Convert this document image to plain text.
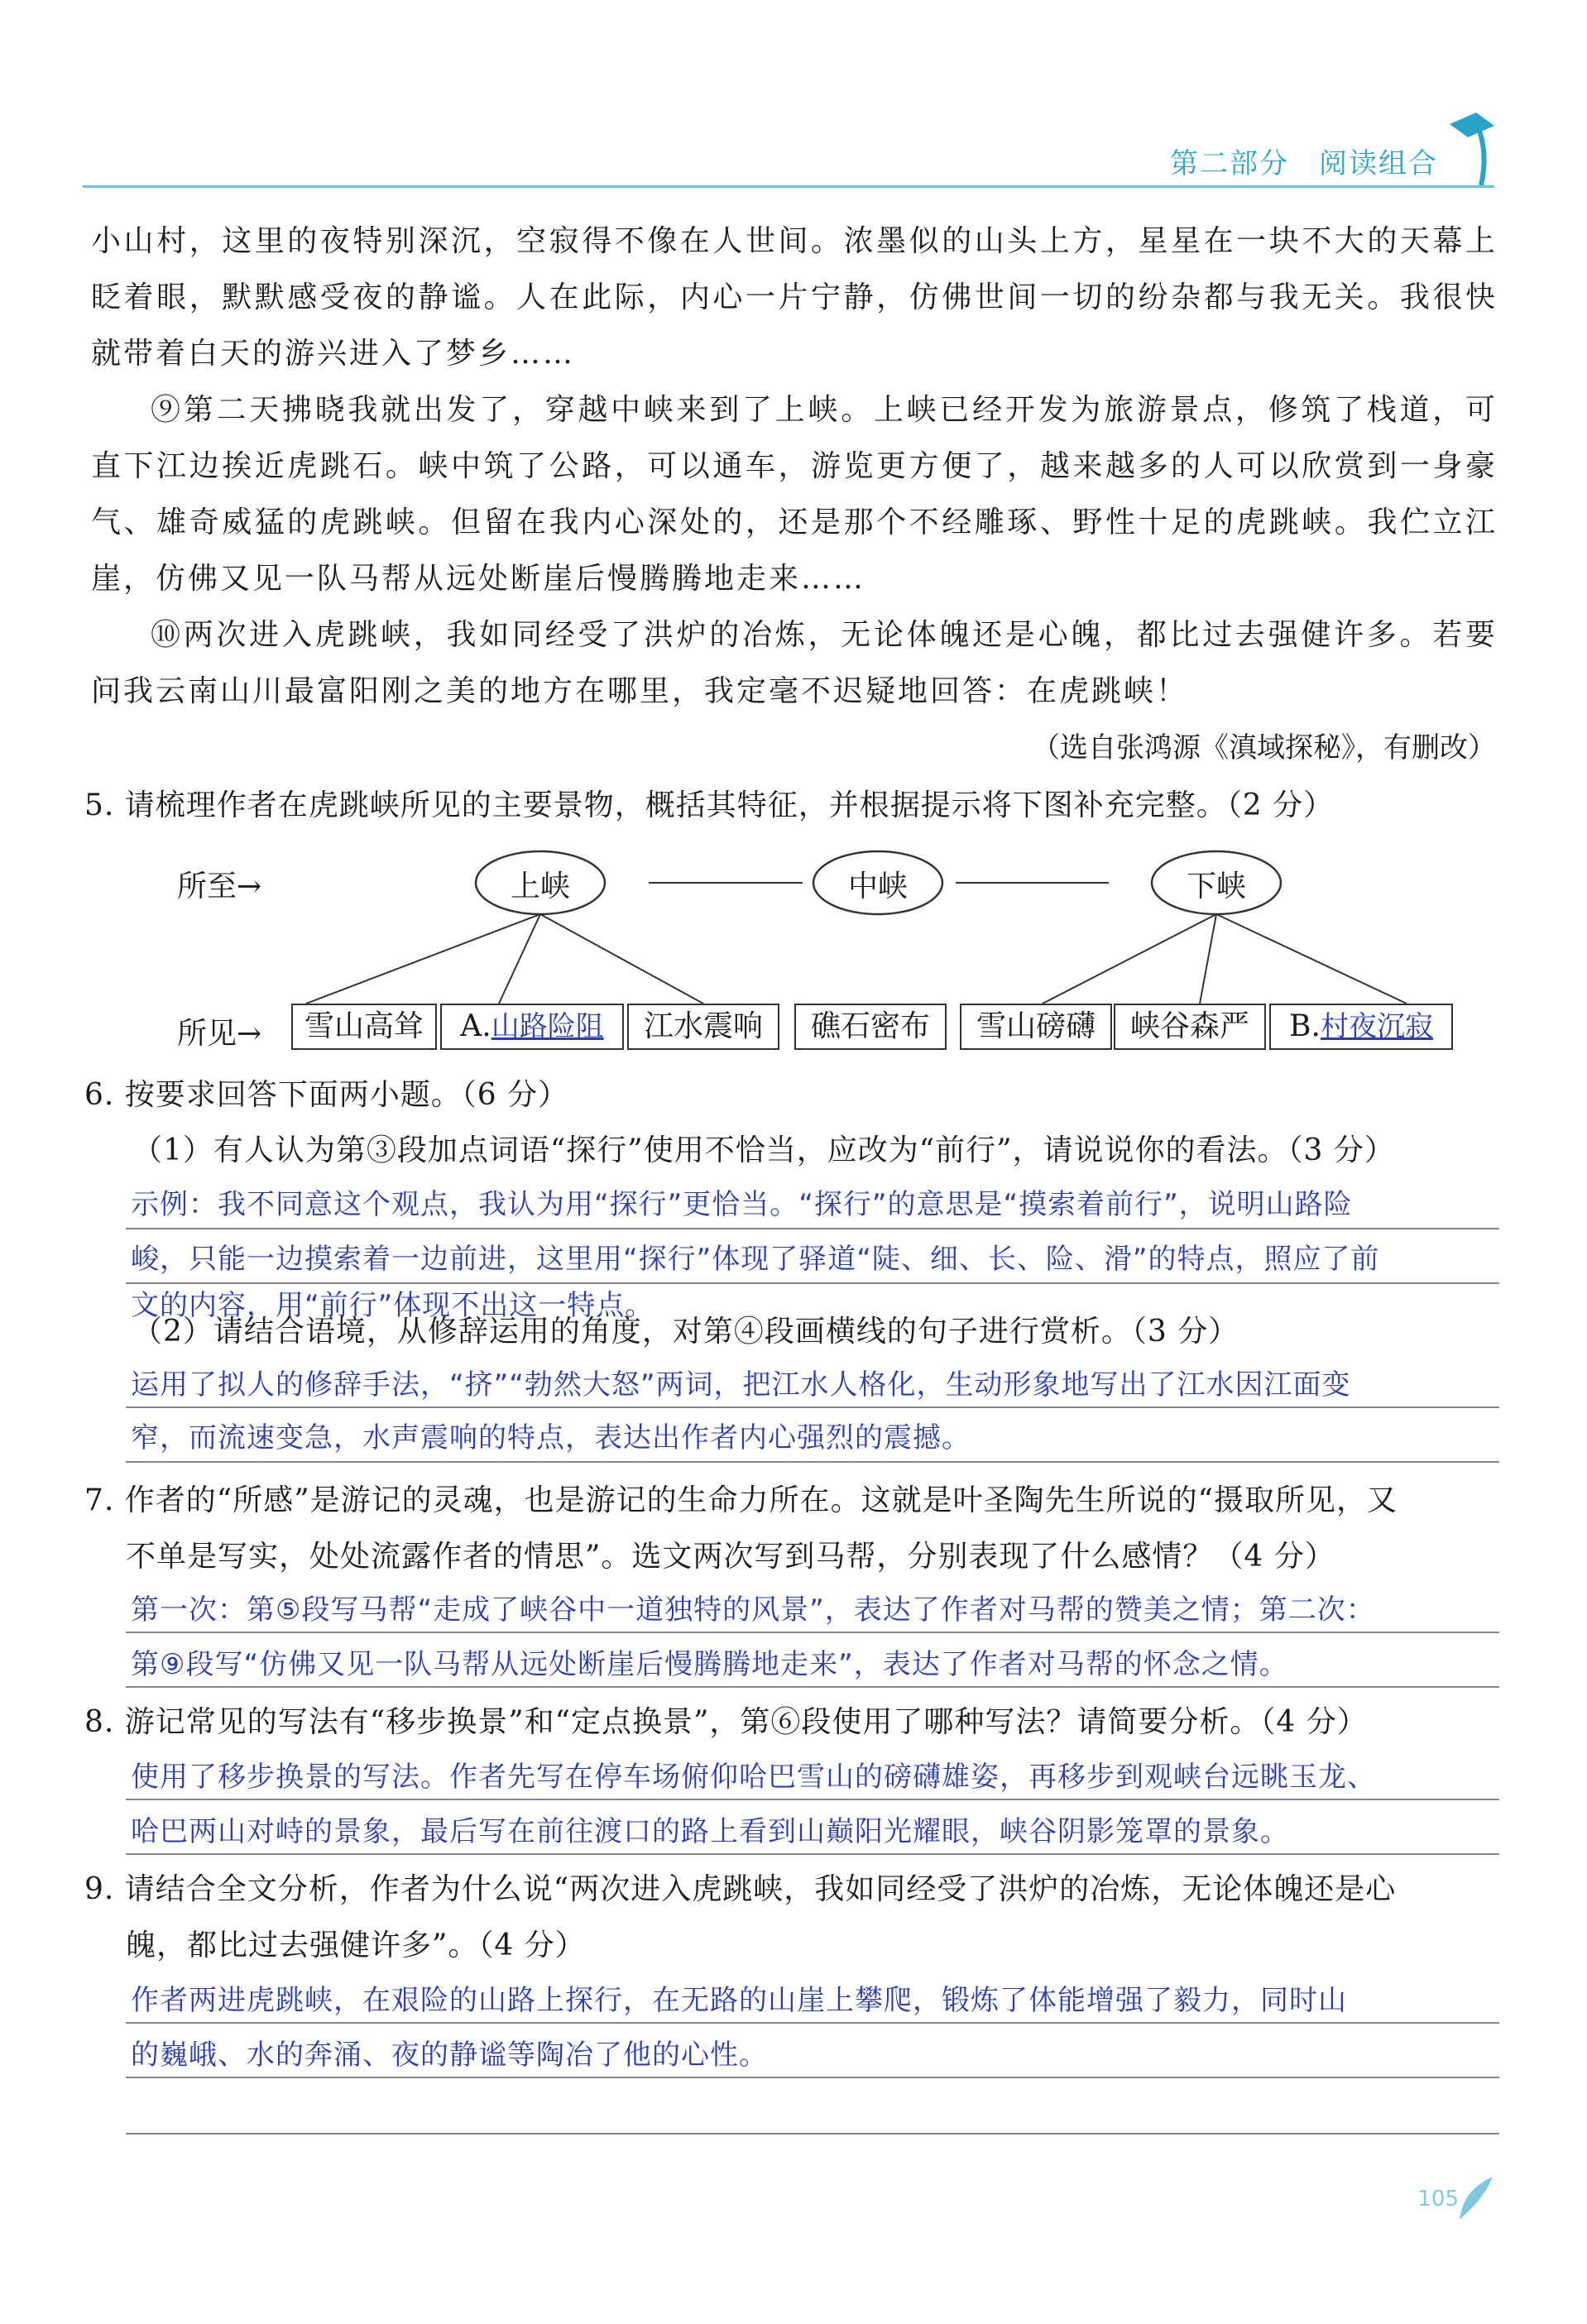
第二部分　阅读组合
小山村，这里的夜特别深沉，空寂得不像在人世间。浓墨似的山头上方，星星在一块不大的天幕上眨着眼，默默感受夜的静谧。人在此际，内心一片宁静，仿佛世间一切的纷杂都与我无关。我很快就带着白天的游兴进入了梦乡……
⑨第二天拂晓我就出发了，穿越中峡来到了上峡。上峡已经开发为旅游景点，修筑了栈道，可直下江边挨近虎跳石。峡中筑了公路，可以通车，游览更方便了，越来越多的人可以欣赏到一身豪气、雄奇威猛的虎跳峡。但留在我内心深处的，还是那个不经雕琢、野性十足的虎跳峡。我伫立江崖，仿佛又见一队马帮从远处断崖后慢腾腾地走来……
⑩两次进入虎跳峡，我如同经受了洪炉的冶炼，无论体魄还是心魄，都比过去强健许多。若要问我云南山川最富阳刚之美的地方在哪里，我定毫不迟疑地回答：在虎跳峡！
（选自张鸿源《滇域探秘》，有删改）
5. 请梳理作者在虎跳峡所见的主要景物，概括其特征，并根据提示将下图补充完整。（2 分）
所至→
所见→
上峡	中峡	下峡
雪山高耸	A.山路险阻	江水震响	礁石密布	雪山磅礴	峡谷森严	B.村夜沉寂
6. 按要求回答下面两小题。（6 分）
（1）有人认为第③段加点词语“探行”使用不恰当，应改为“前行”，请说说你的看法。（3 分）
示例：我不同意这个观点，我认为用“探行”更恰当。“探行”的意思是“摸索着前行”，说明山路险
峻，只能一边摸索着一边前进，这里用“探行”体现了驿道“陡、细、长、险、滑”的特点，照应了前
文的内容，用“前行”体现不出这一特点。
（2）请结合语境，从修辞运用的角度，对第④段画横线的句子进行赏析。（3 分）
运用了拟人的修辞手法，“挤”“勃然大怒”两词，把江水人格化，生动形象地写出了江水因江面变
窄，而流速变急，水声震响的特点，表达出作者内心强烈的震撼。
7. 作者的“所感”是游记的灵魂，也是游记的生命力所在。这就是叶圣陶先生所说的“摄取所见，又
不单是写实，处处流露作者的情思”。选文两次写到马帮，分别表现了什么感情？（4 分）
第一次：第⑤段写马帮“走成了峡谷中一道独特的风景”，表达了作者对马帮的赞美之情；第二次：
第⑨段写“仿佛又见一队马帮从远处断崖后慢腾腾地走来”，表达了作者对马帮的怀念之情。
8. 游记常见的写法有“移步换景”和“定点换景”，第⑥段使用了哪种写法？请简要分析。（4 分）
使用了移步换景的写法。作者先写在停车场俯仰哈巴雪山的磅礴雄姿，再移步到观峡台远眺玉龙、
哈巴两山对峙的景象，最后写在前往渡口的路上看到山巅阳光耀眼，峡谷阴影笼罩的景象。
9. 请结合全文分析，作者为什么说“两次进入虎跳峡，我如同经受了洪炉的冶炼，无论体魄还是心
魄，都比过去强健许多”。（4 分）
作者两进虎跳峡，在艰险的山路上探行，在无路的山崖上攀爬，锻炼了体能增强了毅力，同时山
的巍峨、水的奔涌、夜的静谧等陶冶了他的心性。
105
